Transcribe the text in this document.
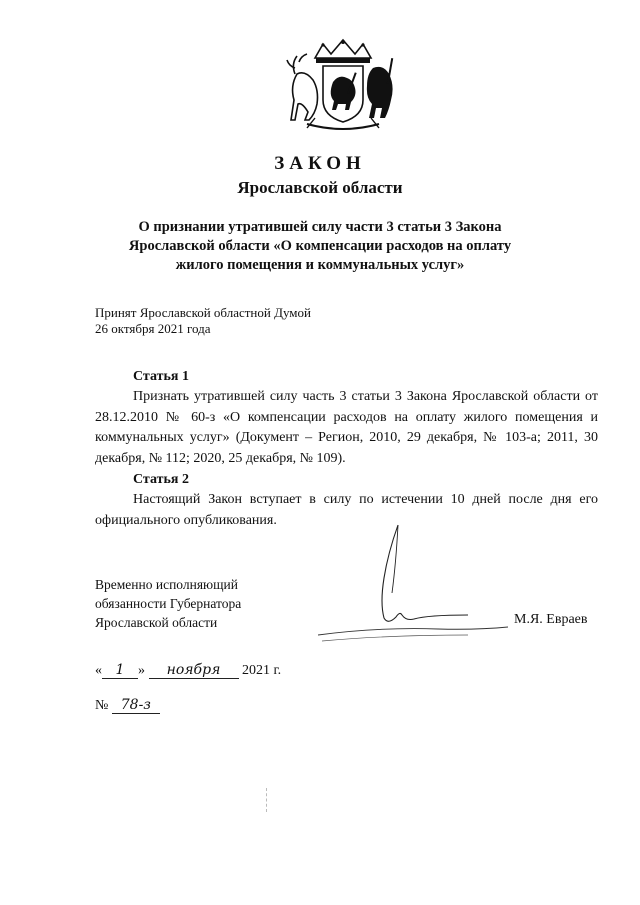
ЗАКОН
Ярославской области
О признании утратившей силу части 3 статьи 3 Закона
Ярославской области «О компенсации расходов на оплату
жилого помещения и коммунальных услуг»
Принят Ярославской областной Думой
26 октября 2021 года
Статья 1
Признать утратившей силу часть 3 статьи 3 Закона Ярославской области от 28.12.2010 № 60-з «О компенсации расходов на оплату жилого помещения и коммунальных услуг» (Документ – Регион, 2010, 29 декабря, № 103-а; 2011, 30 декабря, № 112; 2020, 25 декабря, № 109).
Статья 2
Настоящий Закон вступает в силу по истечении 10 дней после дня его официального опубликования.
Временно исполняющий
обязанности Губернатора
Ярославской области	М.Я. Евраев
« 1 » ноября 2021 г.
№ 78-з
